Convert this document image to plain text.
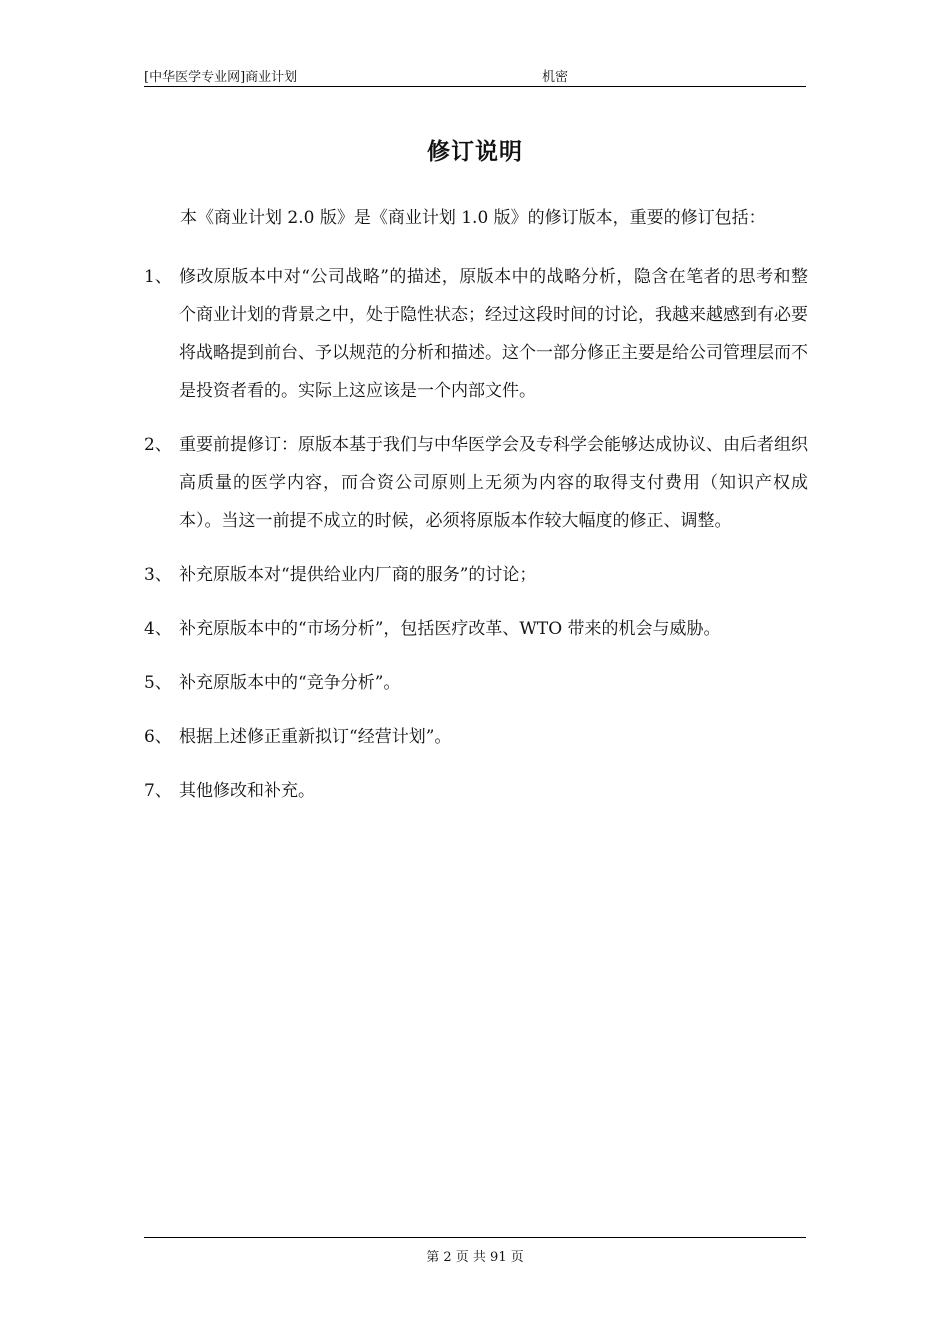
[中华医学专业网]商业计划	机密
修订说明
本《商业计划 2.0 版》是《商业计划 1.0 版》的修订版本，重要的修订包括：
1、 修改原版本中对“公司战略”的描述，原版本中的战略分析，隐含在笔者的思考和整个商业计划的背景之中，处于隐性状态；经过这段时间的讨论，我越来越感到有必要将战略提到前台、予以规范的分析和描述。这个一部分修正主要是给公司管理层而不是投资者看的。实际上这应该是一个内部文件。
2、 重要前提修订：原版本基于我们与中华医学会及专科学会能够达成协议、由后者组织高质量的医学内容，而合资公司原则上无须为内容的取得支付费用（知识产权成本）。当这一前提不成立的时候，必须将原版本作较大幅度的修正、调整。
3、 补充原版本对“提供给业内厂商的服务”的讨论；
4、 补充原版本中的“市场分析”，包括医疗改革、WTO 带来的机会与威胁。
5、 补充原版本中的“竞争分析”。
6、 根据上述修正重新拟订“经营计划”。
7、 其他修改和补充。
第 2 页 共 91 页
